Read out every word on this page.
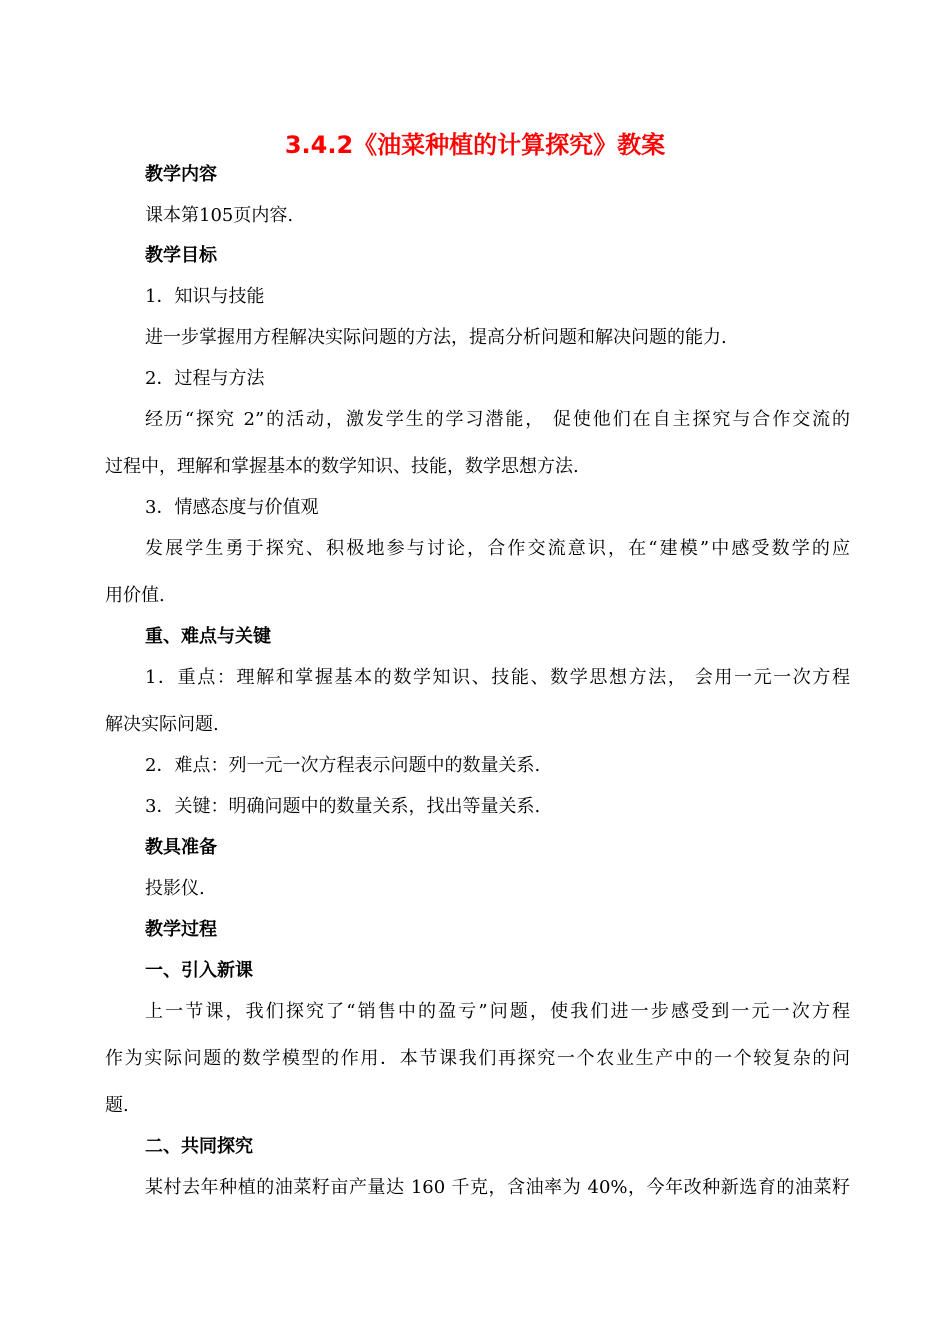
3.4.2《油菜种植的计算探究》教案
教学内容
课本第105页内容.
教学目标
1．知识与技能
进一步掌握用方程解决实际问题的方法，提高分析问题和解决问题的能力.
2．过程与方法
经历“探究 2”的活动，激发学生的学习潜能， 促使他们在自主探究与合作交流的
过程中，理解和掌握基本的数学知识、技能，数学思想方法.
3．情感态度与价值观
发展学生勇于探究、积极地参与讨论，合作交流意识，在“建模”中感受数学的应
用价值.
重、难点与关键
1．重点：理解和掌握基本的数学知识、技能、数学思想方法， 会用一元一次方程
解决实际问题.
2．难点：列一元一次方程表示问题中的数量关系.
3．关键：明确问题中的数量关系，找出等量关系.
教具准备
投影仪.
教学过程
一、引入新课
上一节课，我们探究了“销售中的盈亏”问题，使我们进一步感受到一元一次方程
作为实际问题的数学模型的作用．本节课我们再探究一个农业生产中的一个较复杂的问
题.
二、共同探究
某村去年种植的油菜籽亩产量达 160 千克，含油率为 40%，今年改种新选育的油菜籽
